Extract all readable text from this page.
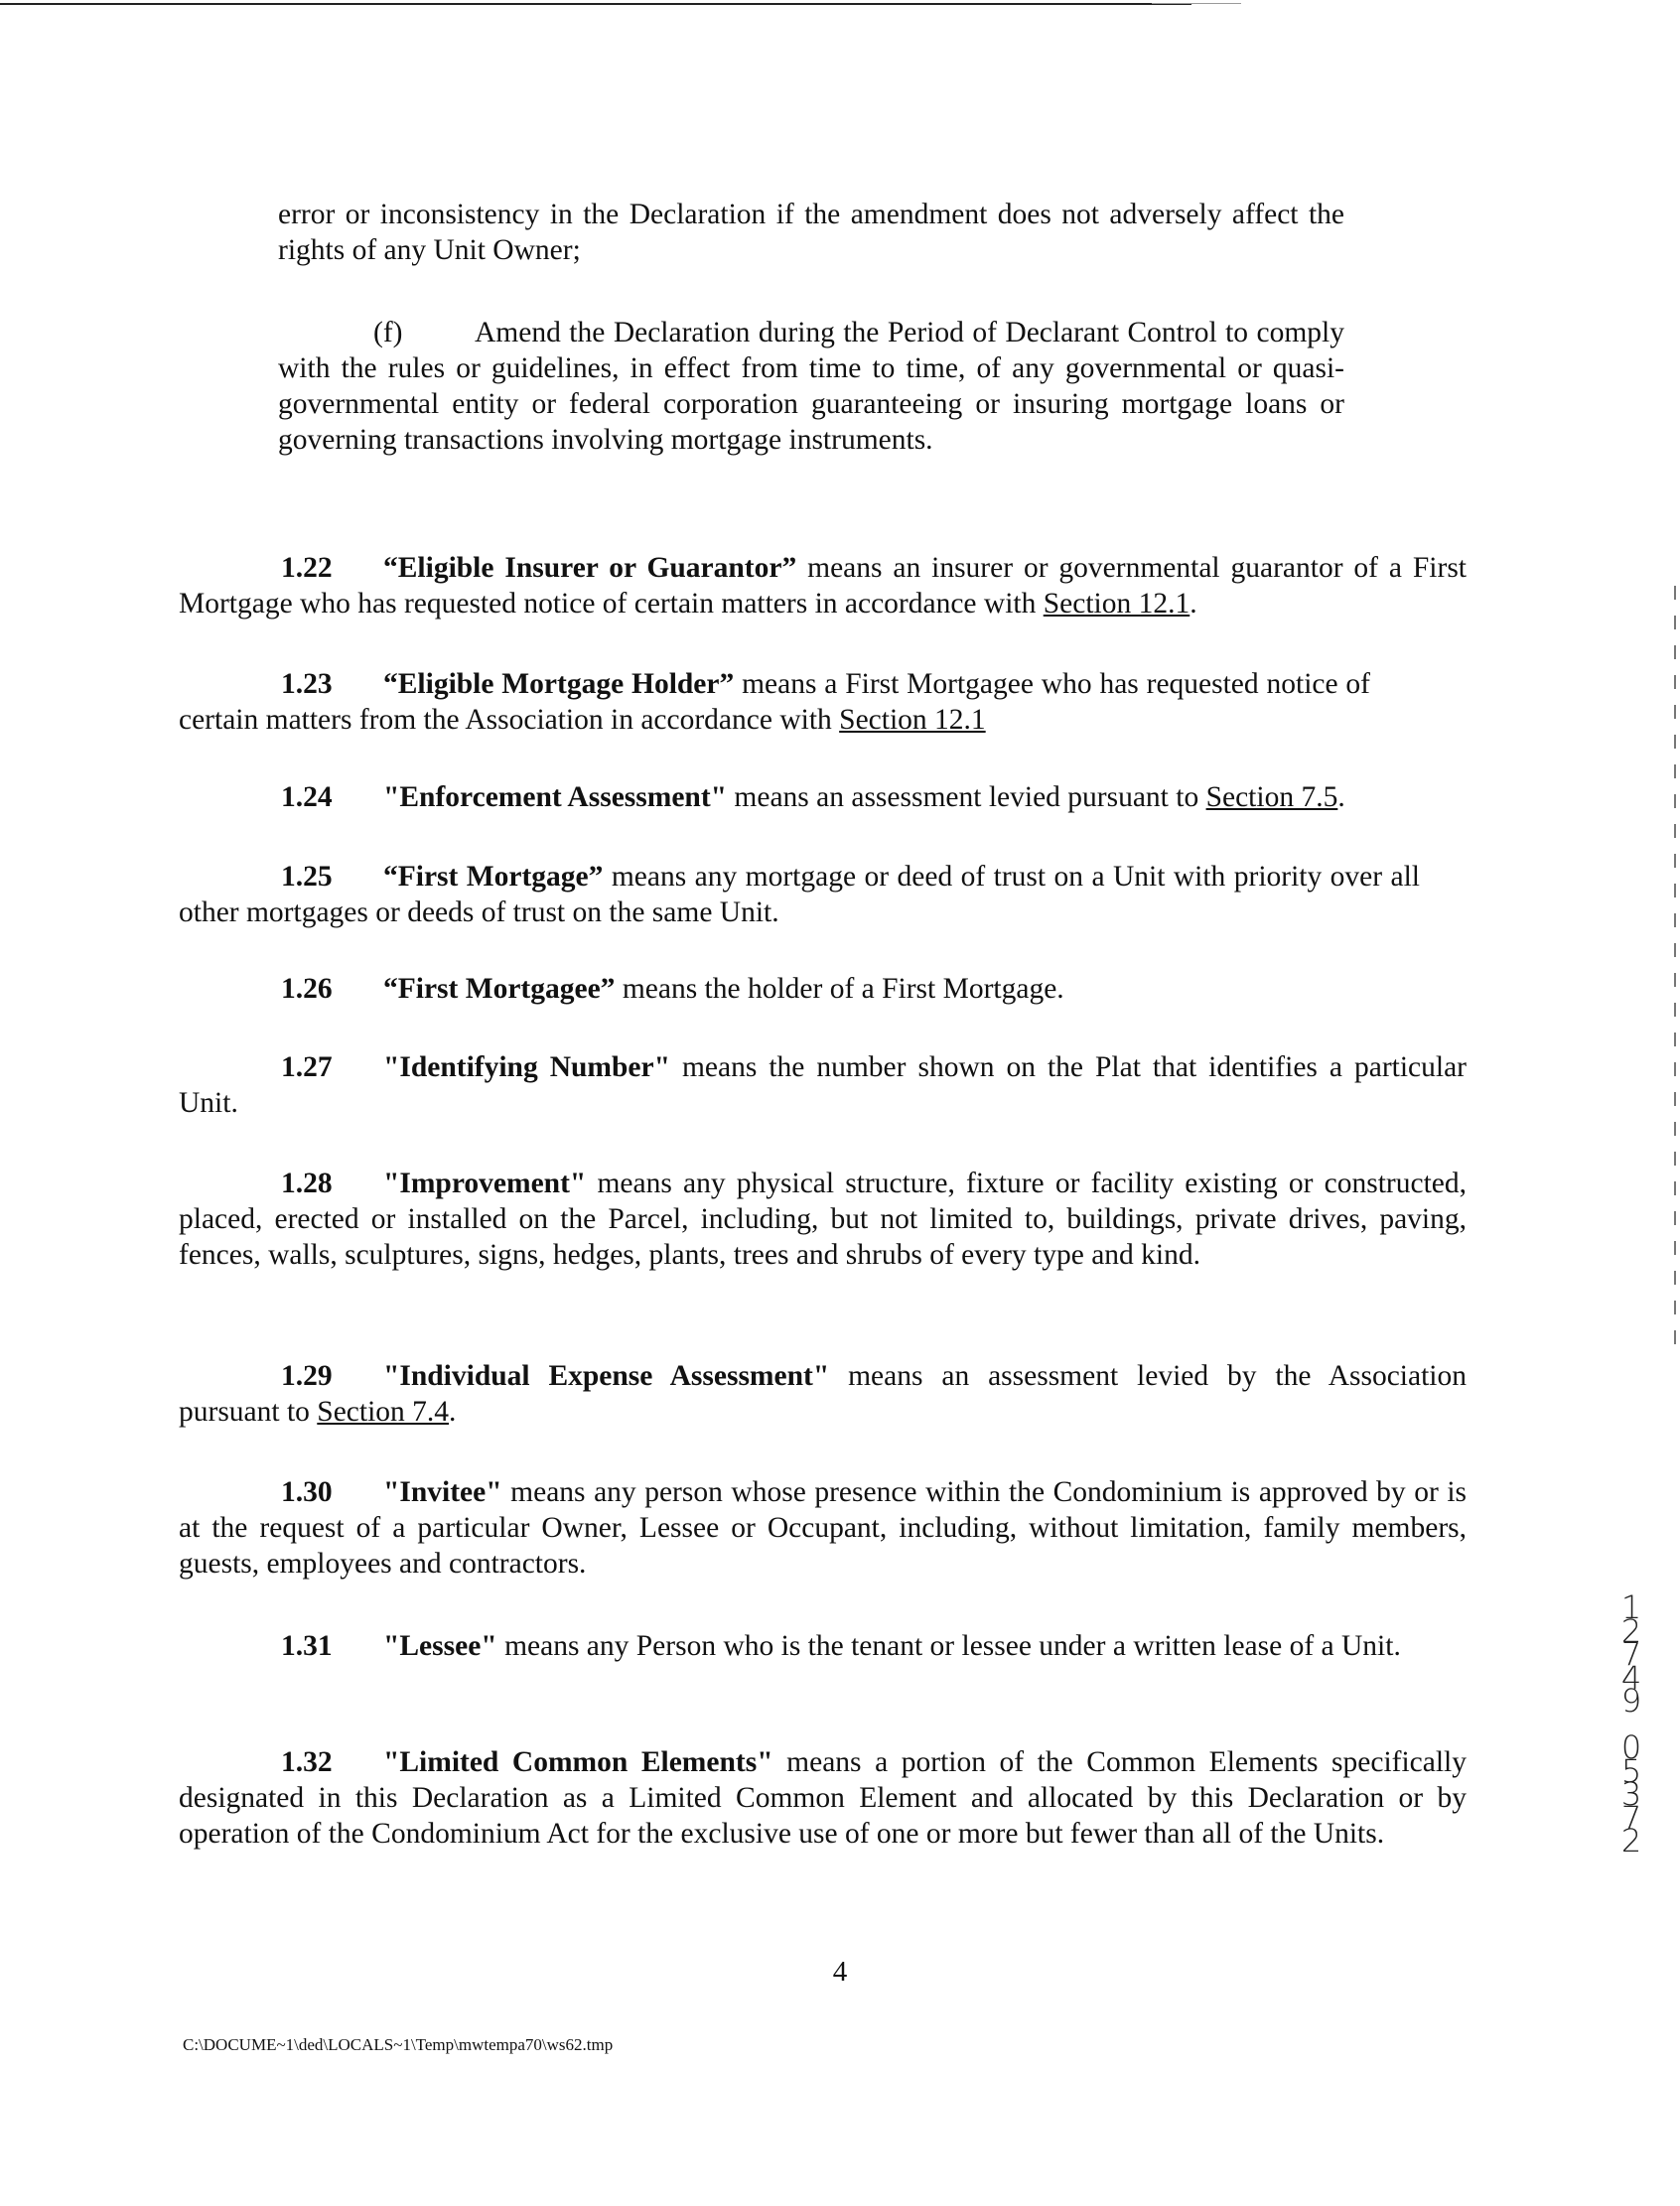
error or inconsistency in the Declaration if the amendment does not adversely affect the rights of any Unit Owner;

(f) Amend the Declaration during the Period of Declarant Control to comply with the rules or guidelines, in effect from time to time, of any governmental or quasi-governmental entity or federal corporation guaranteeing or insuring mortgage loans or governing transactions involving mortgage instruments.

1.22 “Eligible Insurer or Guarantor” means an insurer or governmental guarantor of a First Mortgage who has requested notice of certain matters in accordance with Section 12.1.

1.23 “Eligible Mortgage Holder” means a First Mortgagee who has requested notice of certain matters from the Association in accordance with Section 12.1

1.24 "Enforcement Assessment" means an assessment levied pursuant to Section 7.5.

1.25 “First Mortgage” means any mortgage or deed of trust on a Unit with priority over all other mortgages or deeds of trust on the same Unit.

1.26 “First Mortgagee” means the holder of a First Mortgage.

1.27 "Identifying Number" means the number shown on the Plat that identifies a particular Unit.

1.28 "Improvement" means any physical structure, fixture or facility existing or constructed, placed, erected or installed on the Parcel, including, but not limited to, buildings, private drives, paving, fences, walls, sculptures, signs, hedges, plants, trees and shrubs of every type and kind.

1.29 "Individual Expense Assessment" means an assessment levied by the Association pursuant to Section 7.4.

1.30 "Invitee" means any person whose presence within the Condominium is approved by or is at the request of a particular Owner, Lessee or Occupant, including, without limitation, family members, guests, employees and contractors.

1.31 "Lessee" means any Person who is the tenant or lessee under a written lease of a Unit.

1.32 "Limited Common Elements" means a portion of the Common Elements specifically designated in this Declaration as a Limited Common Element and allocated by this Declaration or by operation of the Condominium Act for the exclusive use of one or more but fewer than all of the Units.

4
C:\DOCUME~1\ded\LOCALS~1\Temp\mwtempa70\ws62.tmp
1
2
7
4
9

0
5
3
7
2
